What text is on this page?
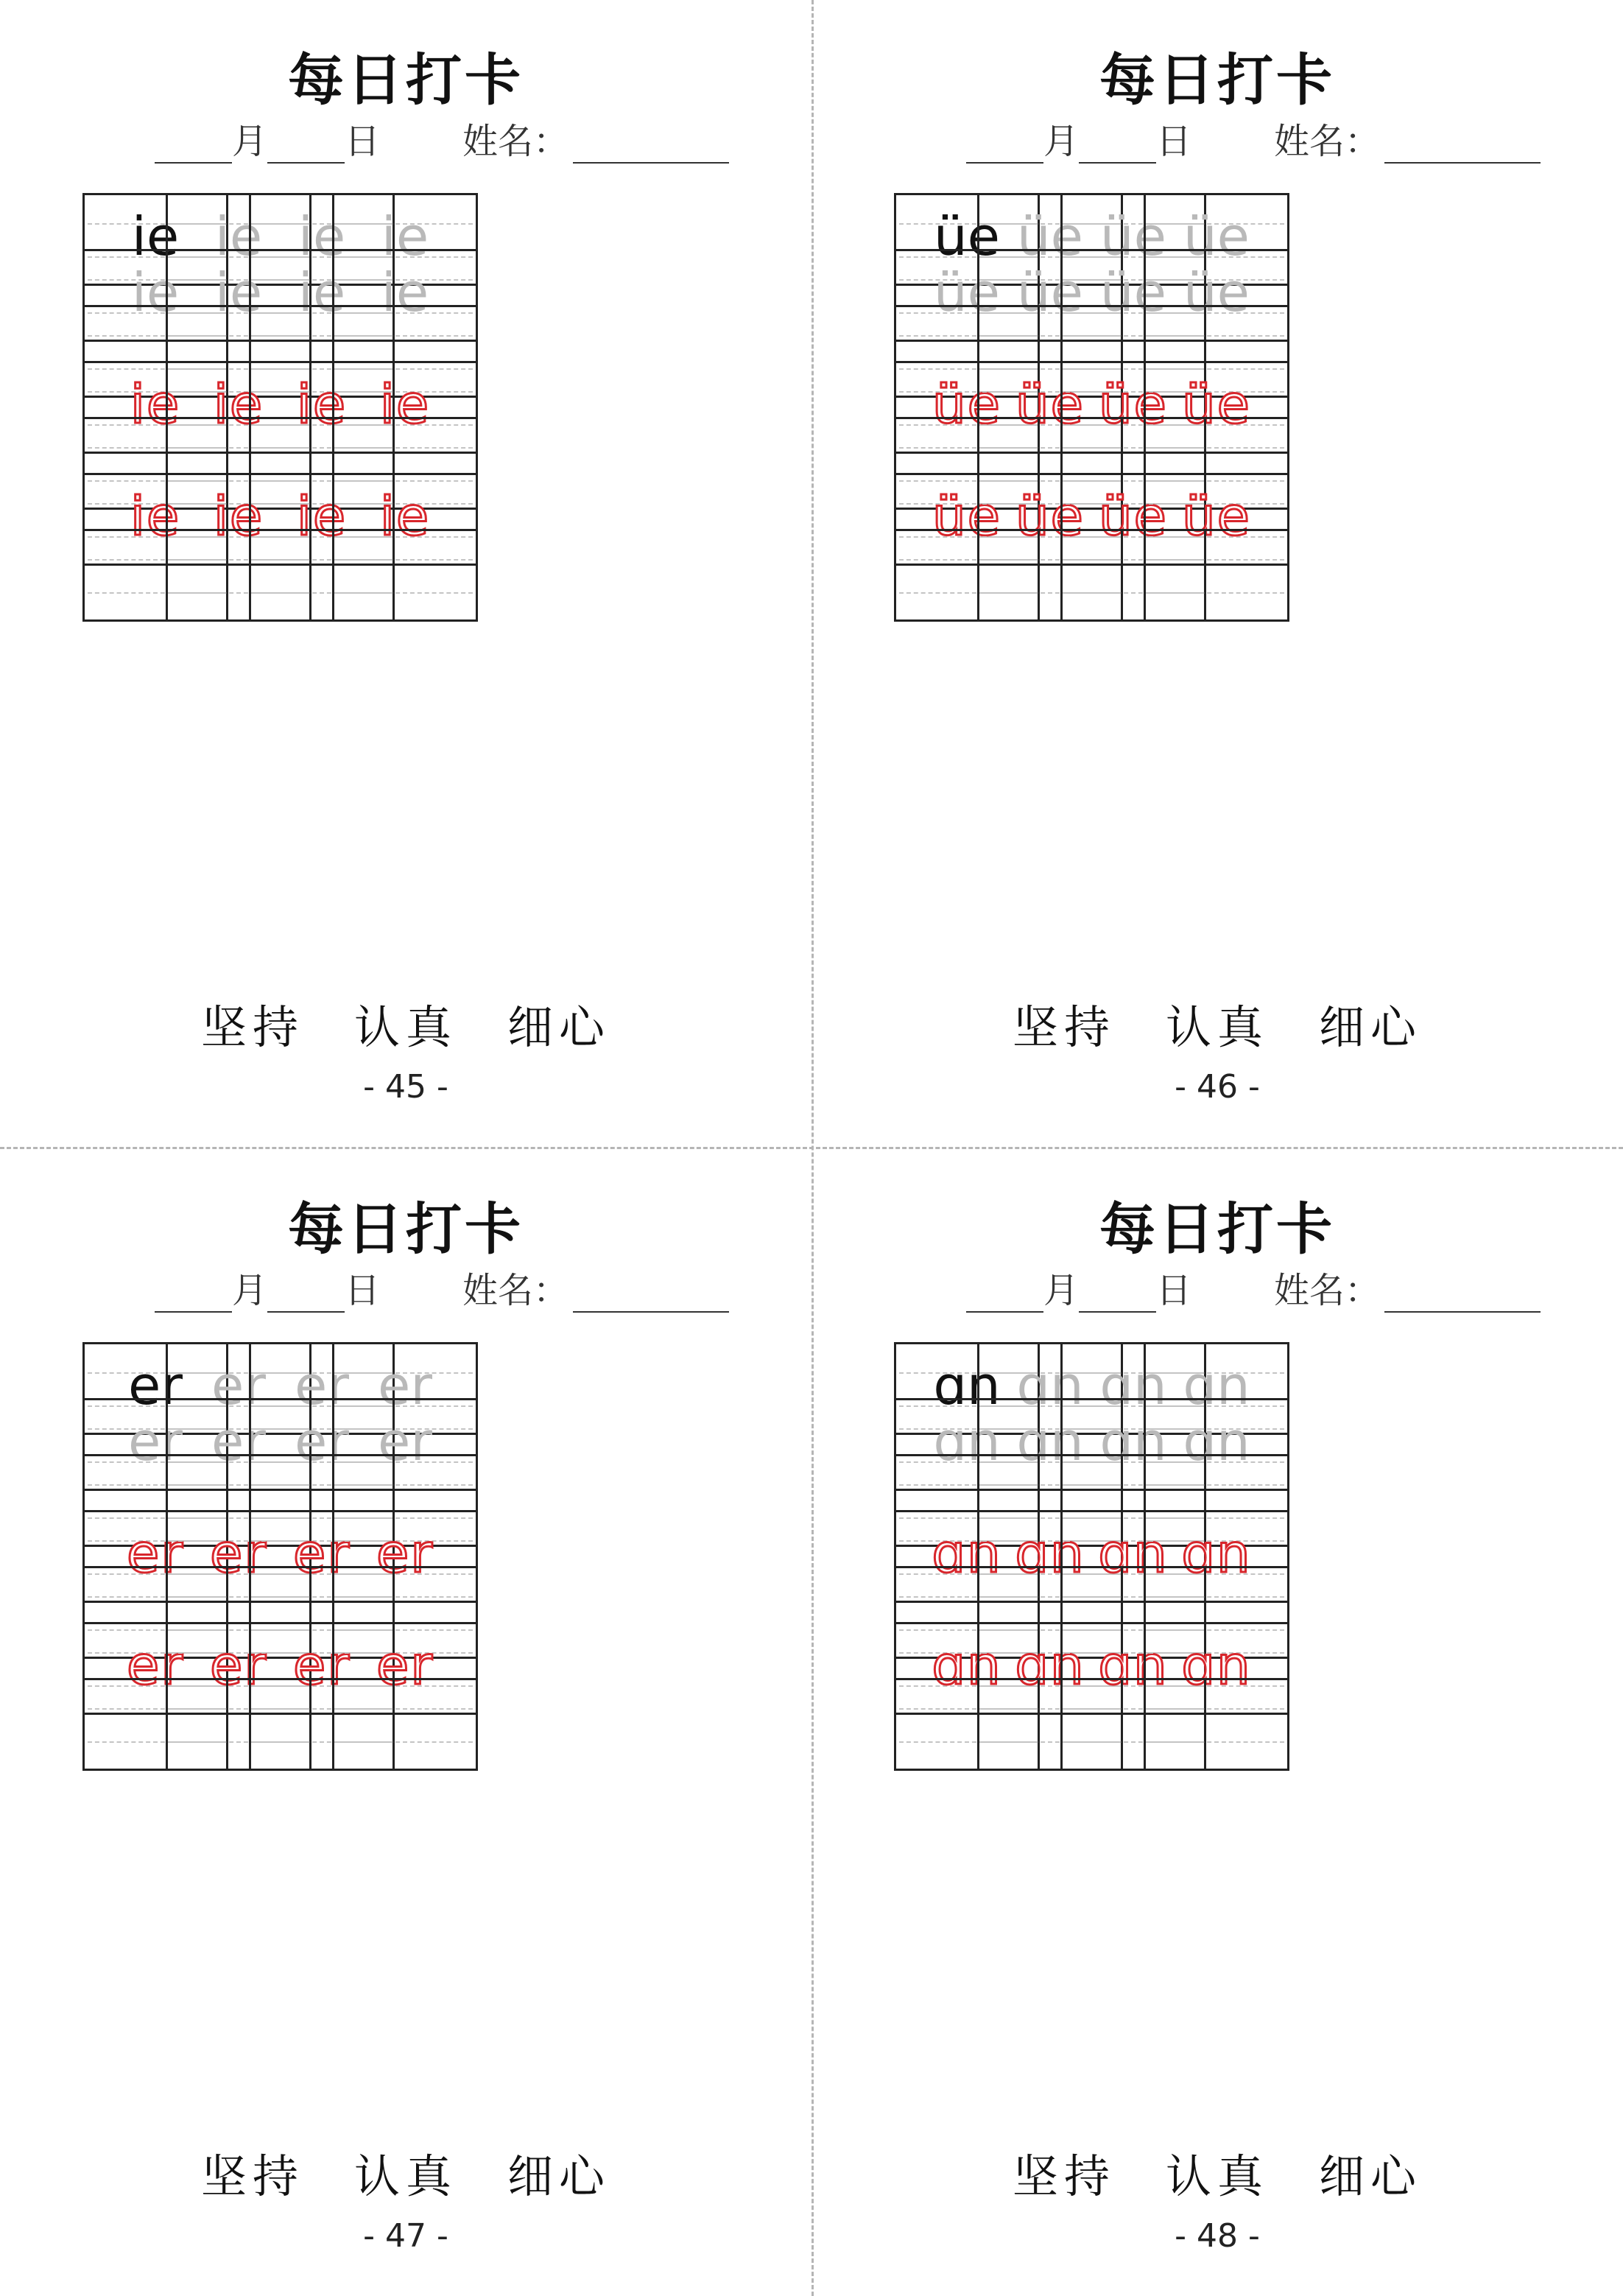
每日打卡
月 日 姓名：
ie ie ie ie
ie ie ie ie
ie ie ie ie
ie ie ie ie
坚持 认真 细心
- 45 -
每日打卡
月 日 姓名：
üe üe üe üe
üe üe üe üe
üe üe üe üe
üe üe üe üe
坚持 认真 细心
- 46 -
每日打卡
月 日 姓名：
er er er er
er er er er
er er er er
er er er er
坚持 认真 细心
- 47 -
每日打卡
月 日 姓名：
ɑn ɑn ɑn ɑn
ɑn ɑn ɑn ɑn
ɑn ɑn ɑn ɑn
ɑn ɑn ɑn ɑn
坚持 认真 细心
- 48 -
